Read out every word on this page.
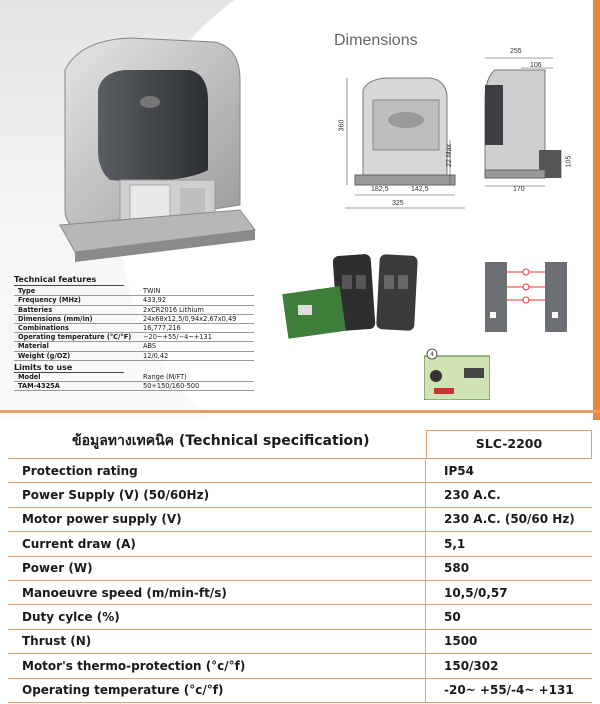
Technical features
Type	TWIN
Frequency (MHz)	433,92
Batteries	2xCR2016 Lithium
Dimensions (mm/in)	24x68x12,5/0,94x2,67x0,49
Combinations	16,777,216
Operating temperature (°C/°F)	−20~+55/−4~+131
Material	ABS
Weight (g/OZ)	12/0,42
Limits to use
Model	Range (M/FT)
TAM-4325A	50÷150/160-500
Dimensions
255
106
360
22 Max	105
182,5	142,5
325
170
4
ข้อมูลทางเทคนิค (Technical specification)	SLC-2200
Protection rating	IP54
Power Supply (V) (50/60Hz)	230 A.C.
Motor power supply (V)	230 A.C. (50/60 Hz)
Current draw (A)	5,1
Power (W)	580
Manoeuvre speed (m/min-ft/s)	10,5/0,57
Duty cylce (%)	50
Thrust (N)	1500
Motor's thermo-protection (°c/°f)	150/302
Operating temperature (°c/°f)	-20~ +55/-4~ +131
